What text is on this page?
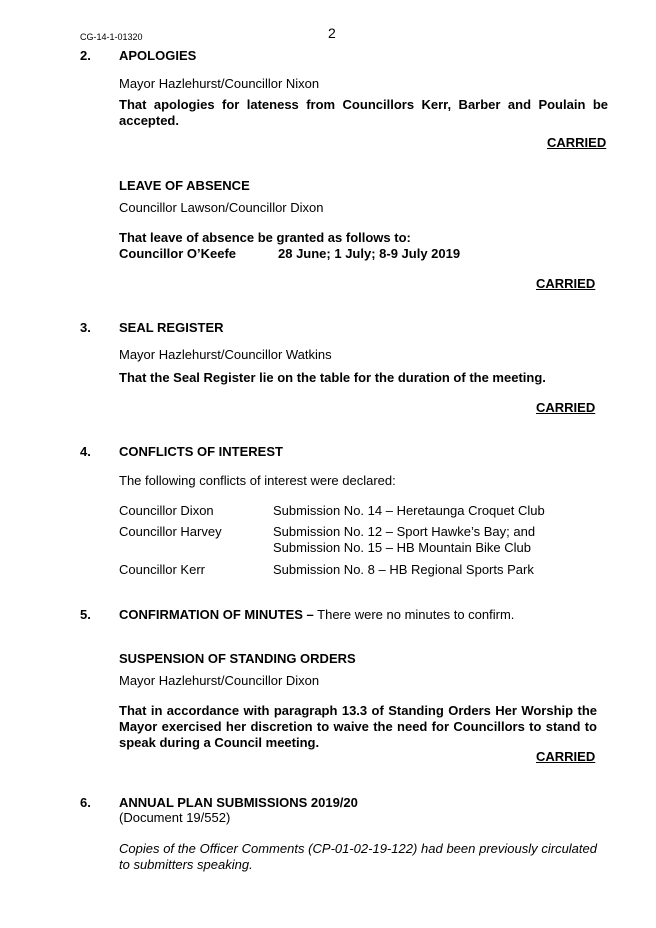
CG-14-1-01320	2
2. APOLOGIES
Mayor Hazlehurst/Councillor Nixon
That apologies for lateness from Councillors Kerr, Barber and Poulain be accepted.
CARRIED
LEAVE OF ABSENCE
Councillor Lawson/Councillor Dixon
That leave of absence be granted as follows to:
Councillor O’Keefe	28 June; 1 July; 8-9 July 2019
CARRIED
3. SEAL REGISTER
Mayor Hazlehurst/Councillor Watkins
That the Seal Register lie on the table for the duration of the meeting.
CARRIED
4. CONFLICTS OF INTEREST
The following conflicts of interest were declared:
Councillor Dixon	Submission No. 14 – Heretaunga Croquet Club
Councillor Harvey	Submission No. 12 – Sport Hawke’s Bay; and
Submission No. 15 – HB Mountain Bike Club
Councillor Kerr	Submission No. 8 – HB Regional Sports Park
5. CONFIRMATION OF MINUTES – There were no minutes to confirm.
SUSPENSION OF STANDING ORDERS
Mayor Hazlehurst/Councillor Dixon
That in accordance with paragraph 13.3 of Standing Orders Her Worship the Mayor exercised her discretion to waive the need for Councillors to stand to speak during a Council meeting.
CARRIED
6. ANNUAL PLAN SUBMISSIONS 2019/20
(Document 19/552)
Copies of the Officer Comments (CP-01-02-19-122) had been previously circulated to submitters speaking.
